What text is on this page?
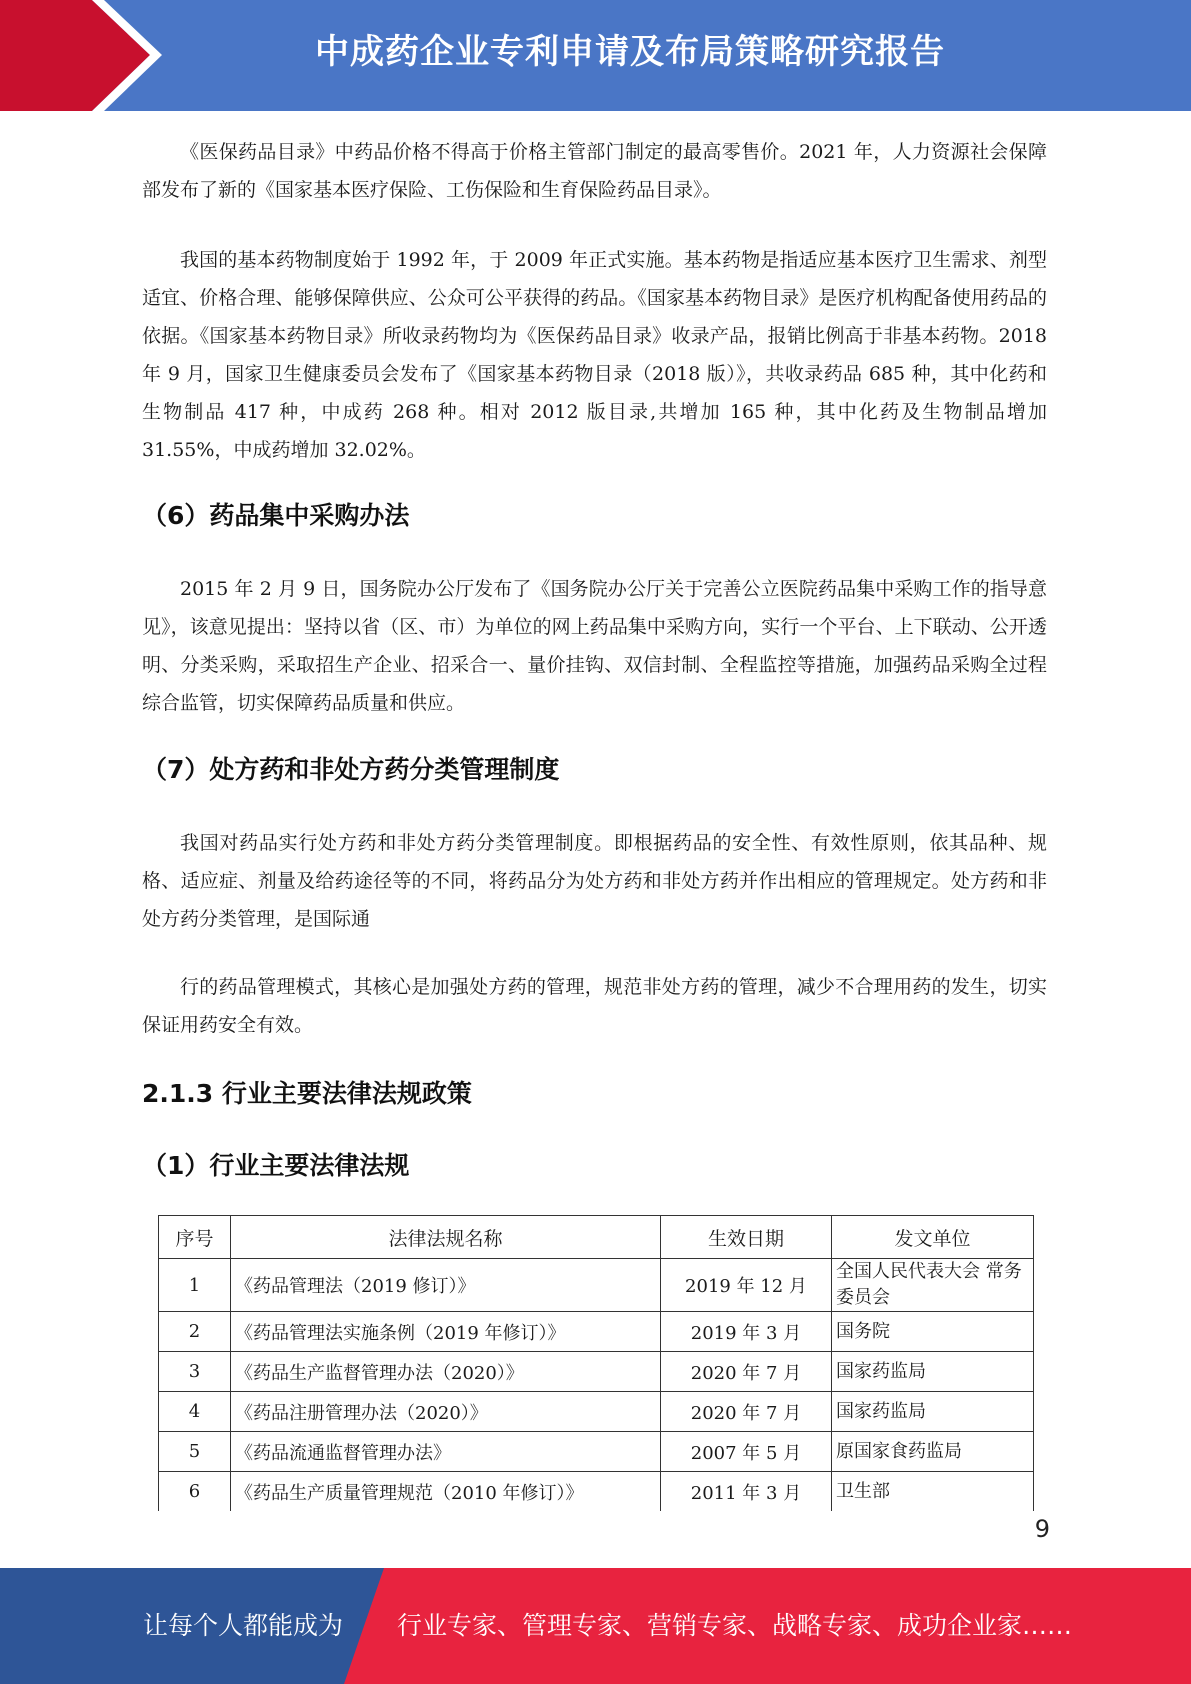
中成药企业专利申请及布局策略研究报告

《医保药品目录》中药品价格不得高于价格主管部门制定的最高零售价。2021 年，人力资源社会保障部发布了新的《国家基本医疗保险、工伤保险和生育保险药品目录》。

我国的基本药物制度始于 1992 年，于 2009 年正式实施。基本药物是指适应基本医疗卫生需求、剂型适宜、价格合理、能够保障供应、公众可公平获得的药品。《国家基本药物目录》是医疗机构配备使用药品的依据。《国家基本药物目录》所收录药物均为《医保药品目录》收录产品，报销比例高于非基本药物。2018 年 9 月，国家卫生健康委员会发布了《国家基本药物目录（2018 版）》，共收录药品 685 种，其中化药和生物制品 417 种，中成药 268 种。相对 2012 版目录,共增加 165 种，其中化药及生物制品增加 31.55%，中成药增加 32.02%。

（6）药品集中采购办法

2015 年 2 月 9 日，国务院办公厅发布了《国务院办公厅关于完善公立医院药品集中采购工作的指导意见》，该意见提出：坚持以省（区、市）为单位的网上药品集中采购方向，实行一个平台、上下联动、公开透明、分类采购，采取招生产企业、招采合一、量价挂钩、双信封制、全程监控等措施，加强药品采购全过程综合监管，切实保障药品质量和供应。

（7）处方药和非处方药分类管理制度

我国对药品实行处方药和非处方药分类管理制度。即根据药品的安全性、有效性原则，依其品种、规格、适应症、剂量及给药途径等的不同，将药品分为处方药和非处方药并作出相应的管理规定。处方药和非处方药分类管理，是国际通

行的药品管理模式，其核心是加强处方药的管理，规范非处方药的管理，减少不合理用药的发生，切实保证用药安全有效。

2.1.3 行业主要法律法规政策
（1）行业主要法律法规
序号	法律法规名称	生效日期	发文单位
1	《药品管理法（2019 修订）》	2019 年 12 月	全国人民代表大会 常务委员会
2	《药品管理法实施条例（2019 年修订）》	2019 年 3 月	国务院
3	《药品生产监督管理办法（2020）》	2020 年 7 月	国家药监局
4	《药品注册管理办法（2020）》	2020 年 7 月	国家药监局
5	《药品流通监督管理办法》	2007 年 5 月	原国家食药监局
6	《药品生产质量管理规范（2010 年修订）》	2011 年 3 月	卫生部
9
让每个人都能成为 行业专家、管理专家、营销专家、战略专家、成功企业家……
